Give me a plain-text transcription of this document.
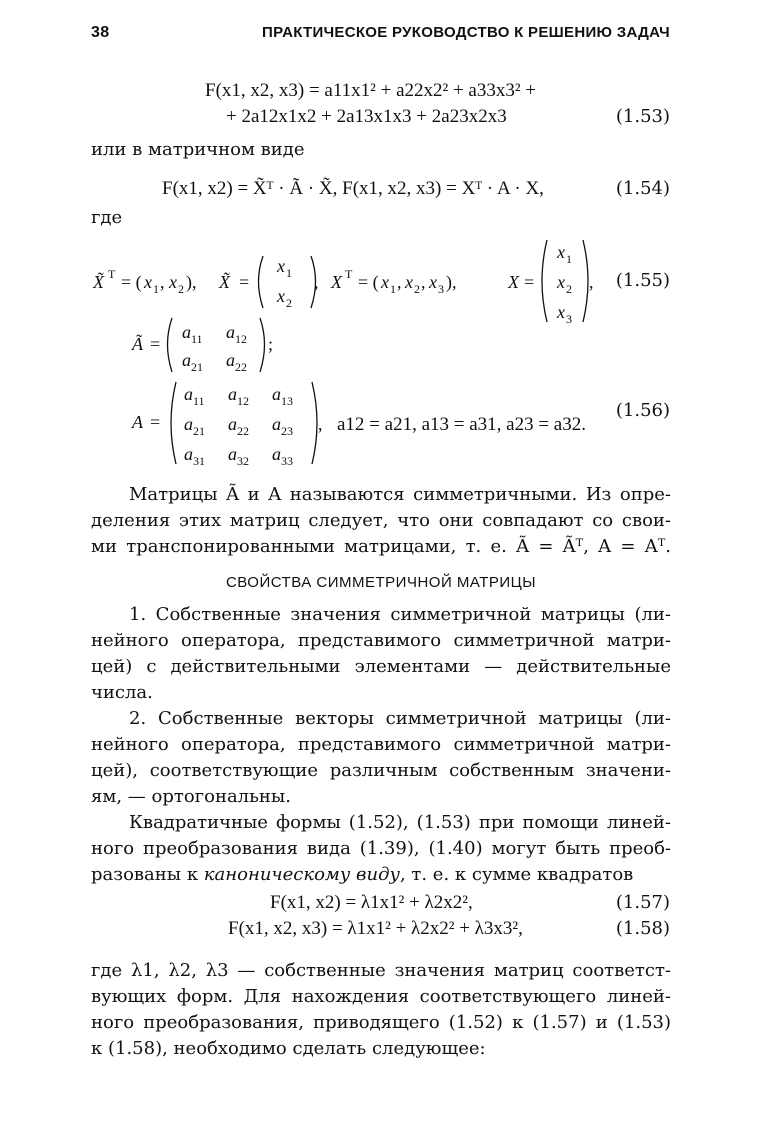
38	ПРАКТИЧЕСКОЕ РУКОВОДСТВО К РЕШЕНИЮ ЗАДАЧ
F(x1, x2, x3) = a11x1² + a22x2² + a33x3² +
+ 2a12x1x2 + 2a13x1x3 + 2a23x2x3	(1.53)
или в матричном виде
F(x1, x2) = X̃ᵀ · Ã · X̃, F(x1, x2, x3) = Xᵀ · A · X,	(1.54)
где
X̃ T = ( x 1 , x 2 ), X̃ =
x 1
x 2
, X T = ( x 1 , x 2 , x 3 ),	X =
x 1
x 2
x 3
, (1.55)
Ã =
a 11 a 12
a 21 a 22
;
A =
a 11 a 12 a 13
a 21 a 22 a 23
a 31 a 32 a 33
, a12 = a21, a13 = a31, a23 = a32.
(1.56)
Матрицы Ã и A называются симметричными. Из опре-
деления этих матриц следует, что они совпадают со свои-
ми транспонированными матрицами, т. е. Ã = Ãᵀ, A = Aᵀ.
СВОЙСТВА СИММЕТРИЧНОЙ МАТРИЦЫ
1. Собственные значения симметричной матрицы (ли-
нейного оператора, представимого симметричной матри-
цей) с действительными элементами — действительные
числа.
2. Собственные векторы симметричной матрицы (ли-
нейного оператора, представимого симметричной матри-
цей), соответствующие различным собственным значени-
ям, — ортогональны.
Квадратичные формы (1.52), (1.53) при помощи линей-
ного преобразования вида (1.39), (1.40) могут быть преоб-
разованы к каноническому виду, т. е. к сумме квадратов
F(x1, x2) = λ1x1² + λ2x2²,	(1.57)
F(x1, x2, x3) = λ1x1² + λ2x2² + λ3x3²,	(1.58)
где λ1, λ2, λ3 — собственные значения матриц соответст-
вующих форм. Для нахождения соответствующего линей-
ного преобразования, приводящего (1.52) к (1.57) и (1.53)
к (1.58), необходимо сделать следующее:
